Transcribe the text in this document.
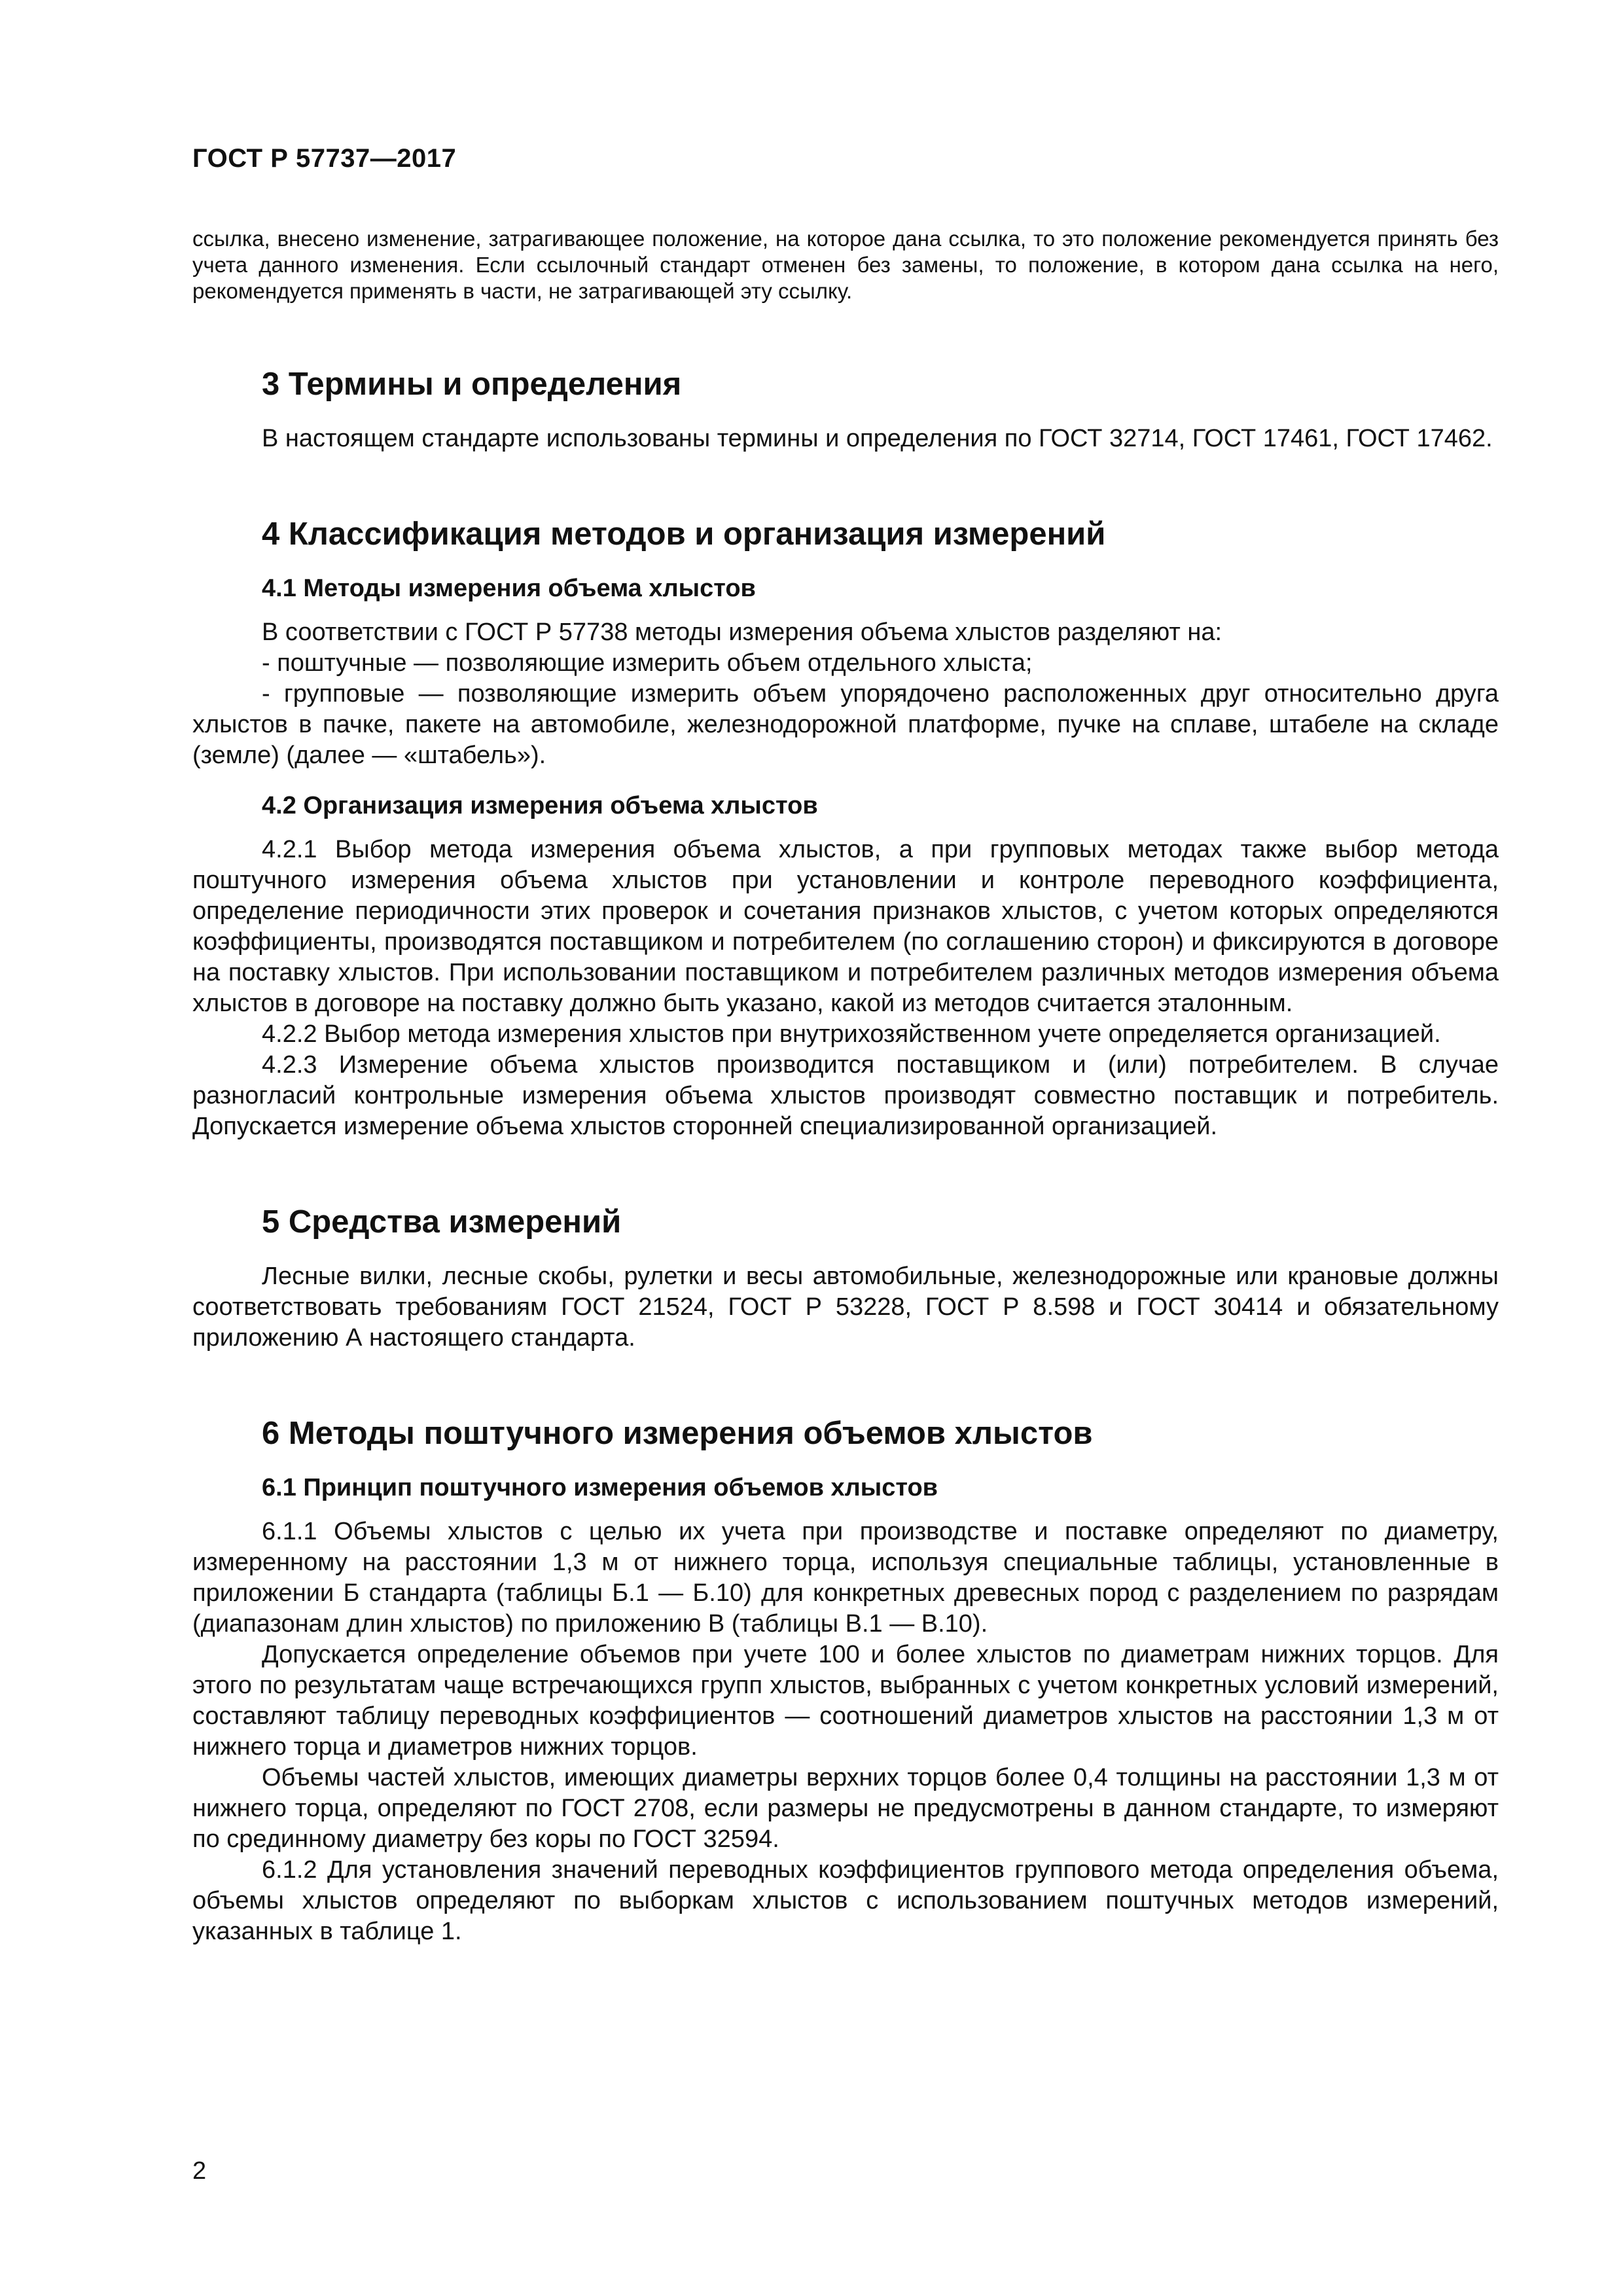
ГОСТ Р 57737—2017

ссылка, внесено изменение, затрагивающее положение, на которое дана ссылка, то это положение рекомендуется принять без учета данного изменения. Если ссылочный стандарт отменен без замены, то положение, в котором дана ссылка на него, рекомендуется применять в части, не затрагивающей эту ссылку.

3 Термины и определения

В настоящем стандарте использованы термины и определения по ГОСТ 32714, ГОСТ 17461, ГОСТ 17462.

4 Классификация методов и организация измерений
4.1 Методы измерения объема хлыстов

В соответствии с ГОСТ Р 57738 методы измерения объема хлыстов разделяют на:

- поштучные — позволяющие измерить объем отдельного хлыста;

- групповые — позволяющие измерить объем упорядочено расположенных друг относительно друга хлыстов в пачке, пакете на автомобиле, железнодорожной платформе, пучке на сплаве, штабеле на складе (земле) (далее — «штабель»).

4.2 Организация измерения объема хлыстов

4.2.1 Выбор метода измерения объема хлыстов, а при групповых методах также выбор метода поштучного измерения объема хлыстов при установлении и контроле переводного коэффициента, определение периодичности этих проверок и сочетания признаков хлыстов, с учетом которых определяются коэффициенты, производятся поставщиком и потребителем (по соглашению сторон) и фиксируются в договоре на поставку хлыстов. При использовании поставщиком и потребителем различных методов измерения объема хлыстов в договоре на поставку должно быть указано, какой из методов считается эталонным.

4.2.2 Выбор метода измерения хлыстов при внутрихозяйственном учете определяется организацией.

4.2.3 Измерение объема хлыстов производится поставщиком и (или) потребителем. В случае разногласий контрольные измерения объема хлыстов производят совместно поставщик и потребитель. Допускается измерение объема хлыстов сторонней специализированной организацией.

5 Средства измерений

Лесные вилки, лесные скобы, рулетки и весы автомобильные, железнодорожные или крановые должны соответствовать требованиям ГОСТ 21524, ГОСТ Р 53228, ГОСТ Р 8.598 и ГОСТ 30414 и обязательному приложению А настоящего стандарта.

6 Методы поштучного измерения объемов хлыстов
6.1 Принцип поштучного измерения объемов хлыстов

6.1.1 Объемы хлыстов с целью их учета при производстве и поставке определяют по диаметру, измеренному на расстоянии 1,3 м от нижнего торца, используя специальные таблицы, установленные в приложении Б стандарта (таблицы Б.1 — Б.10) для конкретных древесных пород с разделением по разрядам (диапазонам длин хлыстов) по приложению В (таблицы В.1 — В.10).

Допускается определение объемов при учете 100 и более хлыстов по диаметрам нижних торцов. Для этого по результатам чаще встречающихся групп хлыстов, выбранных с учетом конкретных условий измерений, составляют таблицу переводных коэффициентов — соотношений диаметров хлыстов на расстоянии 1,3 м от нижнего торца и диаметров нижних торцов.

Объемы частей хлыстов, имеющих диаметры верхних торцов более 0,4 толщины на расстоянии 1,3 м от нижнего торца, определяют по ГОСТ 2708, если размеры не предусмотрены в данном стандарте, то измеряют по срединному диаметру без коры по ГОСТ 32594.

6.1.2 Для установления значений переводных коэффициентов группового метода определения объема, объемы хлыстов определяют по выборкам хлыстов с использованием поштучных методов измерений, указанных в таблице 1.

2
